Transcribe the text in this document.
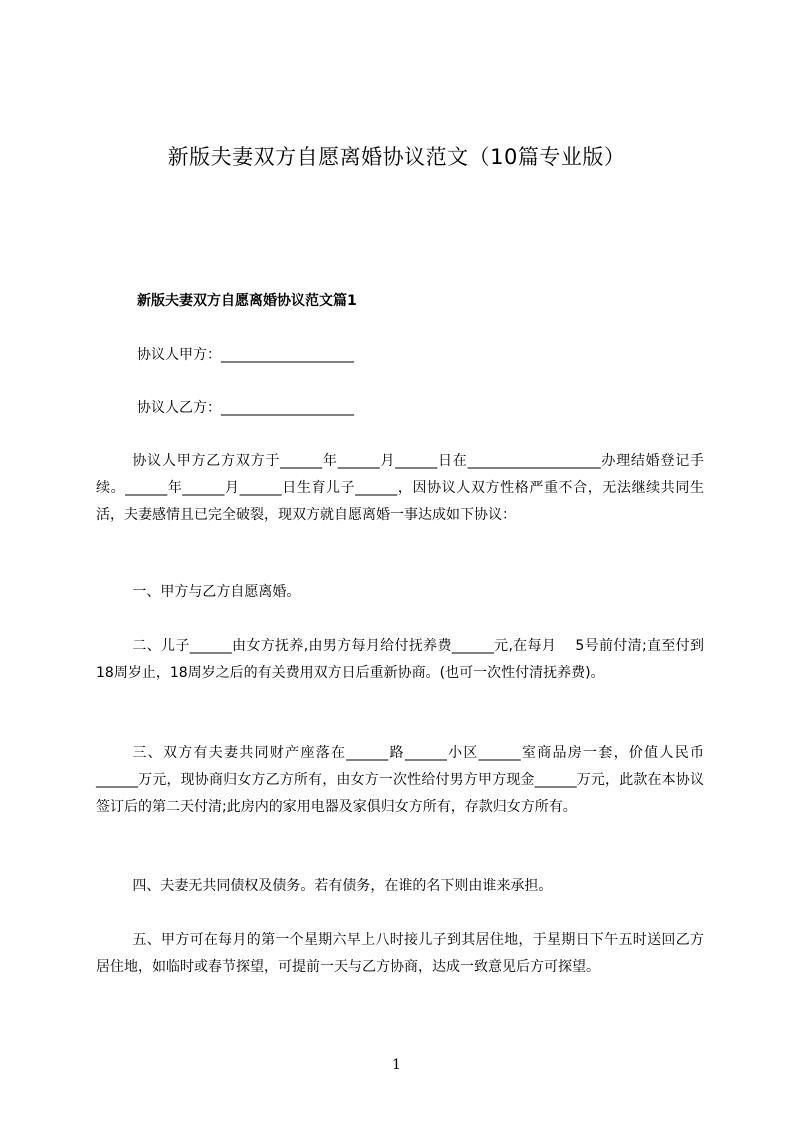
新版夫妻双方自愿离婚协议范文（10篇专业版）
新版夫妻双方自愿离婚协议范文篇1
协议人甲方：___________________
协议人乙方：___________________

协议人甲方乙方双方于______年______月______日在___________________办理结婚登记手续。______年______月______日生育儿子______，因协议人双方性格严重不合，无法继续共同生活，夫妻感情且已完全破裂，现双方就自愿离婚一事达成如下协议：

一、甲方与乙方自愿离婚。

二、儿子______由女方抚养,由男方每月给付抚养费______元,在每月　 5号前付清;直至付到18周岁止，18周岁之后的有关费用双方日后重新协商。(也可一次性付清抚养费)。

三、双方有夫妻共同财产座落在______路______小区______室商品房一套，价值人民币______万元，现协商归女方乙方所有，由女方一次性给付男方甲方现金______万元，此款在本协议签订后的第二天付清;此房内的家用电器及家俱归女方所有，存款归女方所有。

四、夫妻无共同债权及债务。若有债务，在谁的名下则由谁来承担。

五、甲方可在每月的第一个星期六早上八时接儿子到其居住地，于星期日下午五时送回乙方居住地，如临时或春节探望，可提前一天与乙方协商，达成一致意见后方可探望。

1
